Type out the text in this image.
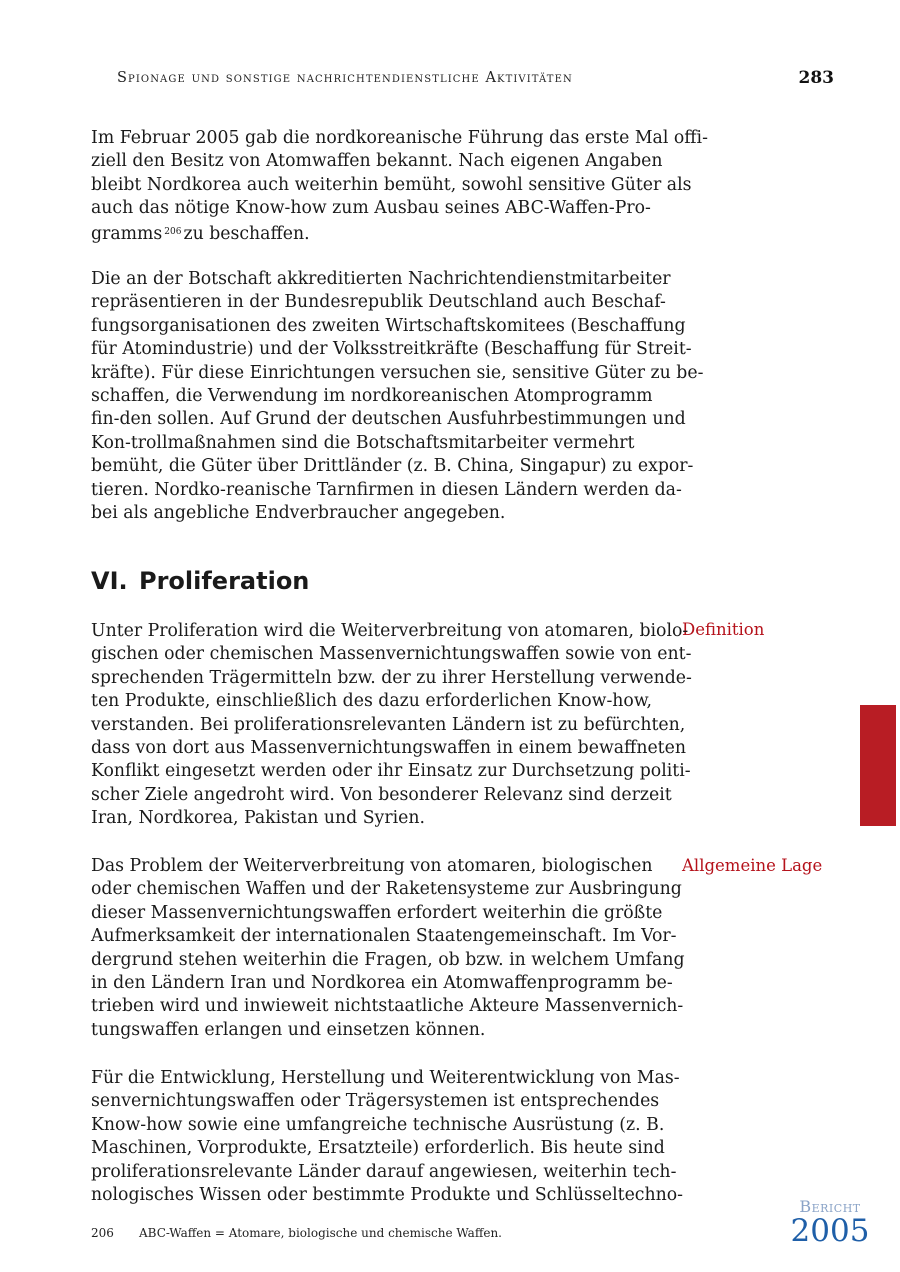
Spionage und sonstige nachrichtendienstliche Aktivitäten	283

Im Februar 2005 gab die nordkoreanische Führung das erste Mal offi-
ziell den Besitz von Atomwaffen bekannt. Nach eigenen Angaben
bleibt Nordkorea auch weiterhin bemüht, sowohl sensitive Güter als
auch das nötige Know-how zum Ausbau seines ABC-Waffen-Pro-
gramms $^{206}$ zu beschaffen.

Die an der Botschaft akkreditierten Nachrichtendienstmitarbeiter
repräsentieren in der Bundesrepublik Deutschland auch Beschaf-
fungsorganisationen des zweiten Wirtschaftskomitees (Beschaffung
für Atomindustrie) und der Volksstreitkräfte (Beschaffung für Streit-
kräfte). Für diese Einrichtungen versuchen sie, sensitive Güter zu be-
schaffen, die Verwendung im nordkoreanischen Atomprogramm
fin-den sollen. Auf Grund der deutschen Ausfuhrbestimmungen und
Kon-trollmaßnahmen sind die Botschaftsmitarbeiter vermehrt
bemüht, die Güter über Drittländer (z. B. China, Singapur) zu expor-
tieren. Nordko-reanische Tarnfirmen in diesen Ländern werden da-
bei als angebliche Endverbraucher angegeben.

VI. Proliferation
Definition

Unter Proliferation wird die Weiterverbreitung von atomaren, biolo-
gischen oder chemischen Massenvernichtungswaffen sowie von ent-
sprechenden Trägermitteln bzw. der zu ihrer Herstellung verwende-
ten Produkte, einschließlich des dazu erforderlichen Know-how,
verstanden. Bei proliferationsrelevanten Ländern ist zu befürchten,
dass von dort aus Massenvernichtungswaffen in einem bewaffneten
Konflikt eingesetzt werden oder ihr Einsatz zur Durchsetzung politi-
scher Ziele angedroht wird. Von besonderer Relevanz sind derzeit
Iran, Nordkorea, Pakistan und Syrien.

Allgemeine Lage

Das Problem der Weiterverbreitung von atomaren, biologischen
oder chemischen Waffen und der Raketensysteme zur Ausbringung
dieser Massenvernichtungswaffen erfordert weiterhin die größte
Aufmerksamkeit der internationalen Staatengemeinschaft. Im Vor-
dergrund stehen weiterhin die Fragen, ob bzw. in welchem Umfang
in den Ländern Iran und Nordkorea ein Atomwaffenprogramm be-
trieben wird und inwieweit nichtstaatliche Akteure Massenvernich-
tungswaffen erlangen und einsetzen können.

Für die Entwicklung, Herstellung und Weiterentwicklung von Mas-
senvernichtungswaffen oder Trägersystemen ist entsprechendes
Know-how sowie eine umfangreiche technische Ausrüstung (z. B.
Maschinen, Vorprodukte, Ersatzteile) erforderlich. Bis heute sind
proliferationsrelevante Länder darauf angewiesen, weiterhin tech-
nologisches Wissen oder bestimmte Produkte und Schlüsseltechno-

206 ABC-Waffen = Atomare, biologische und chemische Waffen.
Bericht
2005
